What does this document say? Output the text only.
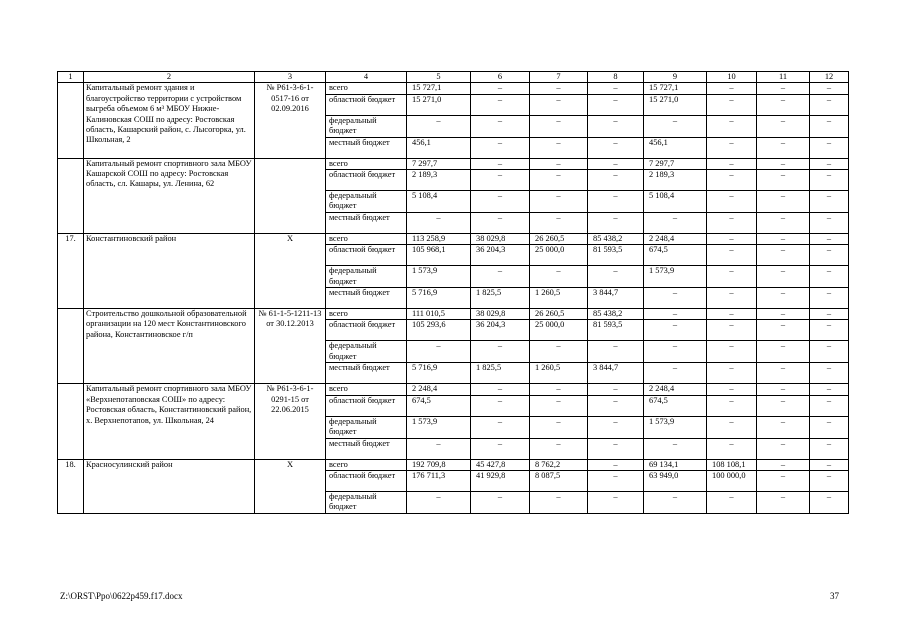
1	2	3	4	5	6	7	8	9	10	11	12
	Капитальный ремонт здания и благоустройство территории с устройством выгреба объемом 6 м³ МБОУ Нижне-Калиновская СОШ по адресу: Ростовская область, Кашарский район, с. Лысогорка, ул. Школьная, 2	№ Р61-3-6-1-0517-16 от 02.09.2016	всего	15 727,1	–	–	–	15 727,1	–	–	–
			областной бюджет	15 271,0	–	–	–	15 271,0	–	–	–
			федеральный бюджет	–	–	–	–	–	–	–	–
			местный бюджет	456,1	–	–	–	456,1	–	–	–
	Капитальный ремонт спортивного зала МБОУ Кашарской СОШ по адресу: Ростовская область, сл. Кашары, ул. Ленина, 62		всего	7 297,7	–	–	–	7 297,7	–	–	–
			областной бюджет	2 189,3	–	–	–	2 189,3	–	–	–
			федеральный бюджет	5 108,4	–	–	–	5 108,4	–	–	–
			местный бюджет	–	–	–	–	–	–	–	–
17.	Константиновский район	Х	всего	113 258,9	38 029,8	26 260,5	85 438,2	2 248,4	–	–	–
			областной бюджет	105 968,1	36 204,3	25 000,0	81 593,5	674,5	–	–	–
			федеральный бюджет	1 573,9	–	–	–	1 573,9	–	–	–
			местный бюджет	5 716,9	1 825,5	1 260,5	3 844,7	–	–	–	–
	Строительство дошкольной образовательной организации на 120 мест Константиновского района, Константиновское г/п	№ 61-1-5-1211-13 от 30.12.2013	всего	111 010,5	38 029,8	26 260,5	85 438,2	–	–	–	–
			областной бюджет	105 293,6	36 204,3	25 000,0	81 593,5	–	–	–	–
			федеральный бюджет	–	–	–	–	–	–	–	–
			местный бюджет	5 716,9	1 825,5	1 260,5	3 844,7	–	–	–	–
	Капитальный ремонт спортивного зала МБОУ «Верхнепотаповская СОШ» по адресу: Ростовская область, Константиновский район, х. Верхнепотапов, ул. Школьная, 24	№ Р61-3-6-1-0291-15 от 22.06.2015	всего	2 248,4	–	–	–	2 248,4	–	–	–
			областной бюджет	674,5	–	–	–	674,5	–	–	–
			федеральный бюджет	1 573,9	–	–	–	1 573,9	–	–	–
			местный бюджет	–	–	–	–	–	–	–	–
18.	Красносулинский район	Х	всего	192 709,8	45 427,8	8 762,2	–	69 134,1	108 108,1	–	–
			областной бюджет	176 711,3	41 929,8	8 087,5	–	63 949,0	100 000,0	–	–
			федеральный бюджет	–	–	–	–	–	–	–	–
Z:\ORST\Ppo\0622p459.f17.docx	37
